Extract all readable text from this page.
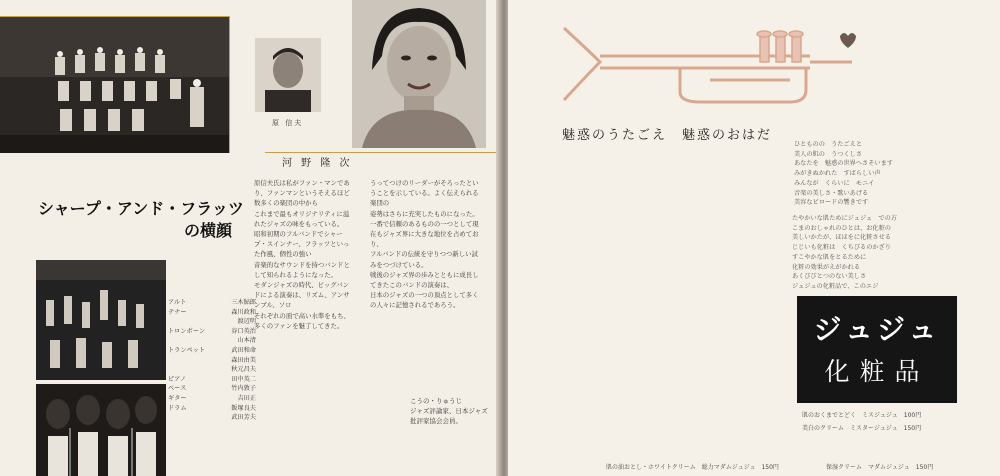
原 信夫
河 野 隆 次
シャープ・アンド・フラッツ
の横顔

原信夫氏は私がファン・マンであり、ファンマンというそえるほど数多くの楽団の中から

これまで最もオリジナリティに溢れたジャズの味をもっている。

昭和初期のフルバンドでシャープ・スインナー、フラッツといった作風、個性の強い

音楽的なサウンドを持つバンドとして知られるようになった。

モダンジャズの時代、ビッグバンドによる演奏は、リズム、アンサンブル、ソロ

それぞれの面で高い水準をもち、多くのファンを魅了してきた。

うってつけのリーダーがそろったということを示している。よく伝えられる楽団の

姿勢はさらに充実したものになった。

一番で信頼のあるものの一つとして現在もジャズ界に大きな地位を占めており、

フルバンドの伝統を守りつつ新しい試みをつづけている。

戦後のジャズ界の歩みとともに成長してきたこのバンドの演奏は、

日本のジャズの一つの頂点として多くの人々に記憶されるであろう。

こうの・りゅうじ
ジャズ評論家、日本ジャズ批評家協会会員。
アルト	三木鮎郎
テナー	森川政和
渡辺明
トロンボーン	谷口英治
山本清
トランペット	武田和命
森田由美
秋元昌夫
ピアノ	田中英二
ベース	竹内敦子
ギター	吉田正
ドラム	飯塚良夫
武田芳夫
魅惑のうたごえ　魅惑のおはだ
ひとものの　うたごえと
美人の肌の　うつくしさ
あなたを　魅惑の世界へさそいます
みがきぬかれた　すばらしい声
みんなが　くらいに　モニイ
音楽の美しさ・歌いあげる
美容なビロードの響きです
たやかいな肌ためにジュジュ　での方
こまのおしゃれのひとは、お化粧の
美しいかたが、ほほをに化粧させる
じじいも化粧は　くちびるのかざり
すこやかな肌をとるために
化粧の効果がえがかれる
あくびびとつのない美しさ
ジュジュの化粧品で、このエジ
ジュジュ
化粧品
肌のおくまでとどく　ミスジュジュ　100円
美白のクリーム　ミスタージュジュ　150円
肌の油おとし・ホワイトクリーム　総力マダムジュジュ　150円	保湿クリーム　マダムジュジュ　150円
